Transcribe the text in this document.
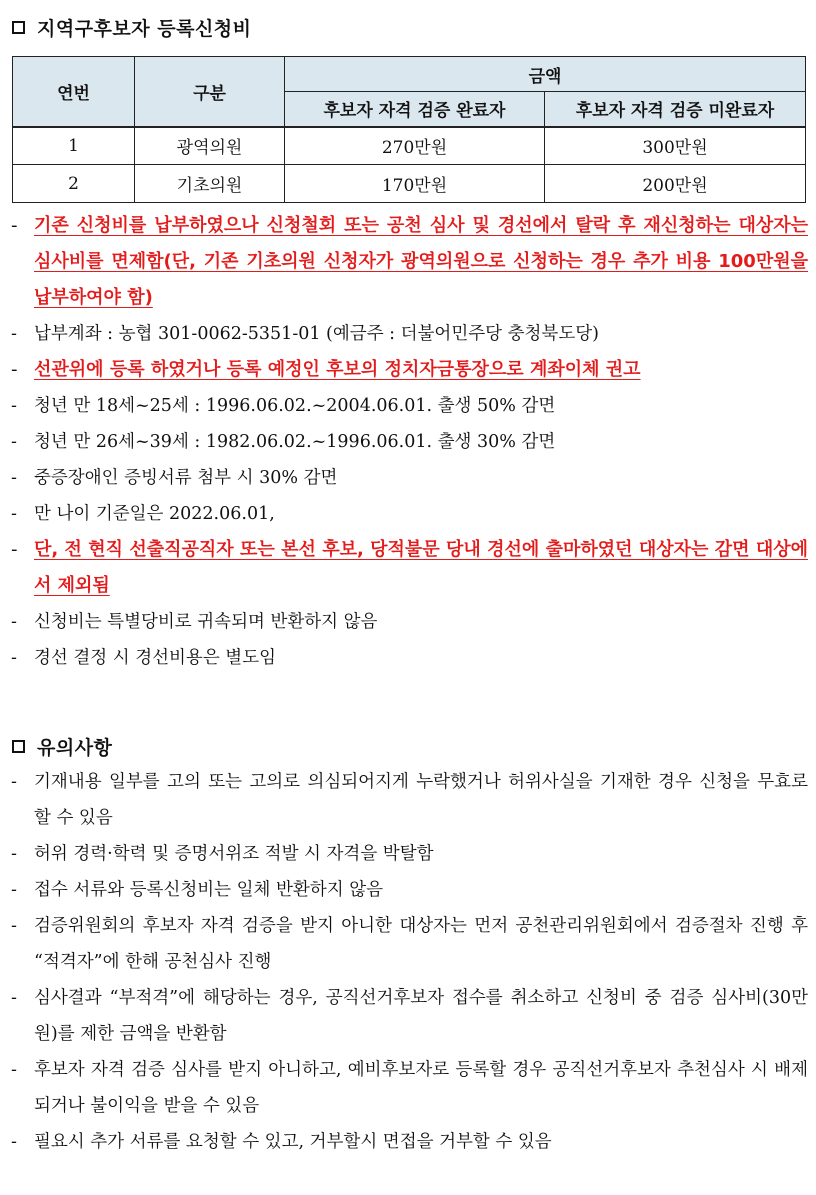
지역구후보자 등록신청비
연번	구분	금액	
		후보자 자격 검증 완료자	후보자 자격 검증 미완료자
1	광역의원	270만원	300만원
2	기초의원	170만원	200만원
- 기존 신청비를 납부하였으나 신청철회 또는 공천 심사 및 경선에서 탈락 후 재신청하는 대상자는 심사비를 면제함(단, 기존 기초의원 신청자가 광역의원으로 신청하는 경우 추가 비용 100만원을 납부하여야 함)
- 납부계좌 : 농협 301-0062-5351-01 (예금주 : 더불어민주당 충청북도당)
- 선관위에 등록 하였거나 등록 예정인 후보의 정치자금통장으로 계좌이체 권고
- 청년 만 18세~25세 : 1996.06.02.~2004.06.01. 출생 50% 감면
- 청년 만 26세~39세 : 1982.06.02.~1996.06.01. 출생 30% 감면
- 중증장애인 증빙서류 첨부 시 30% 감면
- 만 나이 기준일은 2022.06.01,
- 단, 전 현직 선출직공직자 또는 본선 후보, 당적불문 당내 경선에 출마하였던 대상자는 감면 대상에서 제외됨
- 신청비는 특별당비로 귀속되며 반환하지 않음
- 경선 결정 시 경선비용은 별도임
유의사항
- 기재내용 일부를 고의 또는 고의로 의심되어지게 누락했거나 허위사실을 기재한 경우 신청을 무효로 할 수 있음
- 허위 경력·학력 및 증명서위조 적발 시 자격을 박탈함
- 접수 서류와 등록신청비는 일체 반환하지 않음
- 검증위원회의 후보자 자격 검증을 받지 아니한 대상자는 먼저 공천관리위원회에서 검증절차 진행 후 “적격자”에 한해 공천심사 진행
- 심사결과 “부적격”에 해당하는 경우, 공직선거후보자 접수를 취소하고 신청비 중 검증 심사비(30만원)를 제한 금액을 반환함
- 후보자 자격 검증 심사를 받지 아니하고, 예비후보자로 등록할 경우 공직선거후보자 추천심사 시 배제 되거나 불이익을 받을 수 있음
- 필요시 추가 서류를 요청할 수 있고, 거부할시 면접을 거부할 수 있음
